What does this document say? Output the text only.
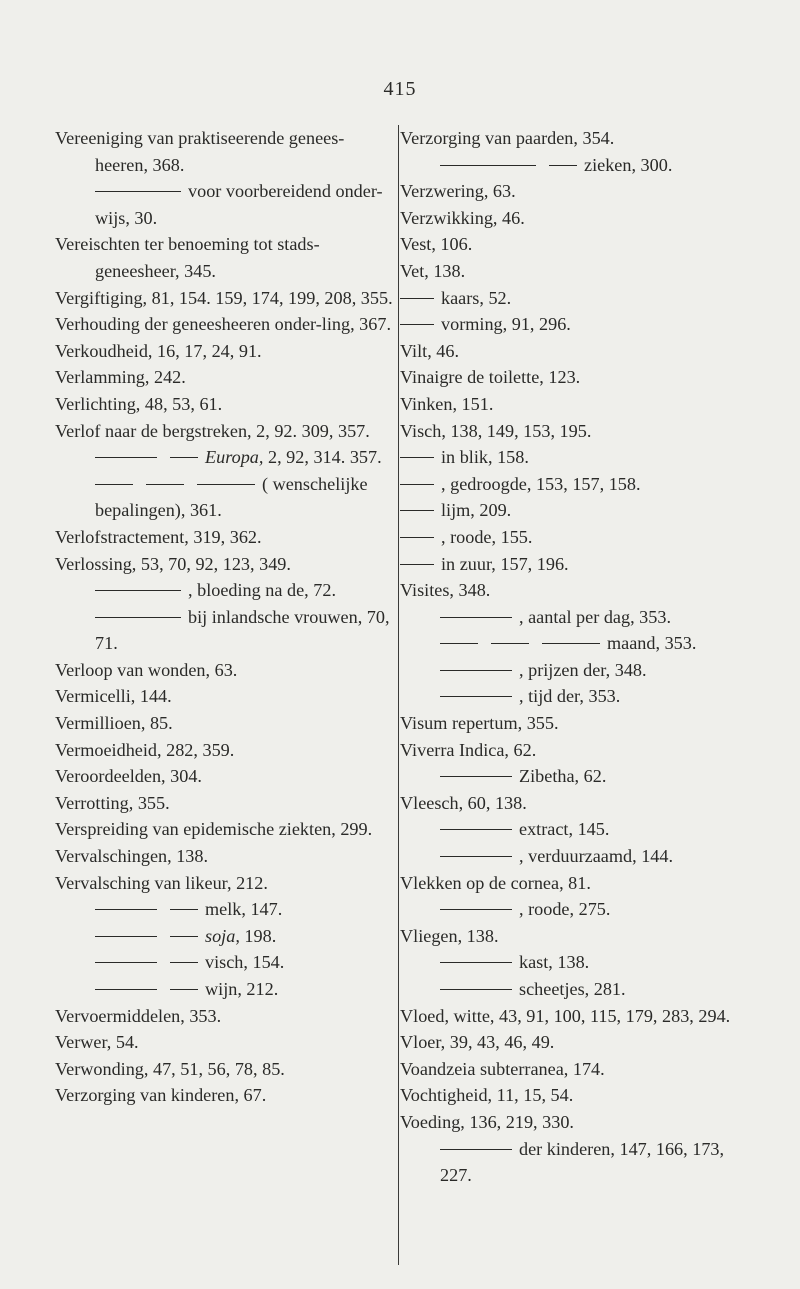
415
Vereeniging van praktiseerende genees-heeren, 368.
voor voorbereidend onder-wijs, 30.
Vereischten ter benoeming tot stads-geneesheer, 345.
Vergiftiging, 81, 154. 159, 174, 199, 208, 355.
Verhouding der geneesheeren onder-ling, 367.
Verkoudheid, 16, 17, 24, 91.
Verlamming, 242.
Verlichting, 48, 53, 61.
Verlof naar de bergstreken, 2, 92. 309, 357.
Europa, 2, 92, 314. 357.
( wenschelijke bepalingen), 361.
Verlofstractement, 319, 362.
Verlossing, 53, 70, 92, 123, 349.
, bloeding na de, 72.
bij inlandsche vrouwen, 70, 71.
Verloop van wonden, 63.
Vermicelli, 144.
Vermillioen, 85.
Vermoeidheid, 282, 359.
Veroordeelden, 304.
Verrotting, 355.
Verspreiding van epidemische ziekten, 299.
Vervalschingen, 138.
Vervalsching van likeur, 212.
melk, 147.
soja, 198.
visch, 154.
wijn, 212.
Vervoermiddelen, 353.
Verwer, 54.
Verwonding, 47, 51, 56, 78, 85.
Verzorging van kinderen, 67.
Verzorging van paarden, 354.
zieken, 300.
Verzwering, 63.
Verzwikking, 46.
Vest, 106.
Vet, 138.
kaars, 52.
vorming, 91, 296.
Vilt, 46.
Vinaigre de toilette, 123.
Vinken, 151.
Visch, 138, 149, 153, 195.
in blik, 158.
, gedroogde, 153, 157, 158.
lijm, 209.
, roode, 155.
in zuur, 157, 196.
Visites, 348.
, aantal per dag, 353.
maand, 353.
, prijzen der, 348.
, tijd der, 353.
Visum repertum, 355.
Viverra Indica, 62.
Zibetha, 62.
Vleesch, 60, 138.
extract, 145.
, verduurzaamd, 144.
Vlekken op de cornea, 81.
, roode, 275.
Vliegen, 138.
kast, 138.
scheetjes, 281.
Vloed, witte, 43, 91, 100, 115, 179, 283, 294.
Vloer, 39, 43, 46, 49.
Voandzeia subterranea, 174.
Vochtigheid, 11, 15, 54.
Voeding, 136, 219, 330.
der kinderen, 147, 166, 173, 227.
